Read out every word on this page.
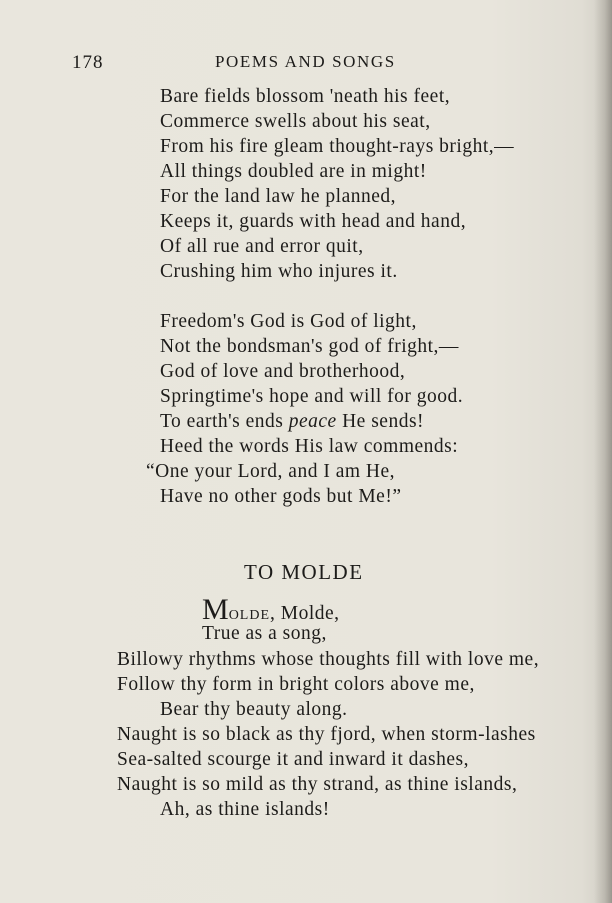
178	POEMS AND SONGS
Bare fields blossom 'neath his feet,
Commerce swells about his seat,
From his fire gleam thought-rays bright,—
All things doubled are in might!
For the land law he planned,
Keeps it, guards with head and hand,
Of all rue and error quit,
Crushing him who injures it.
Freedom's God is God of light,
Not the bondsman's god of fright,—
God of love and brotherhood,
Springtime's hope and will for good.
To earth's ends peace He sends!
Heed the words His law commends:
“One your Lord, and I am He,
Have no other gods but Me!”
TO MOLDE
Molde, Molde,
True as a song,
Billowy rhythms whose thoughts fill with love me,
Follow thy form in bright colors above me,
Bear thy beauty along.
Naught is so black as thy fjord, when storm-lashes
Sea-salted scourge it and inward it dashes,
Naught is so mild as thy strand, as thine islands,
Ah, as thine islands!
